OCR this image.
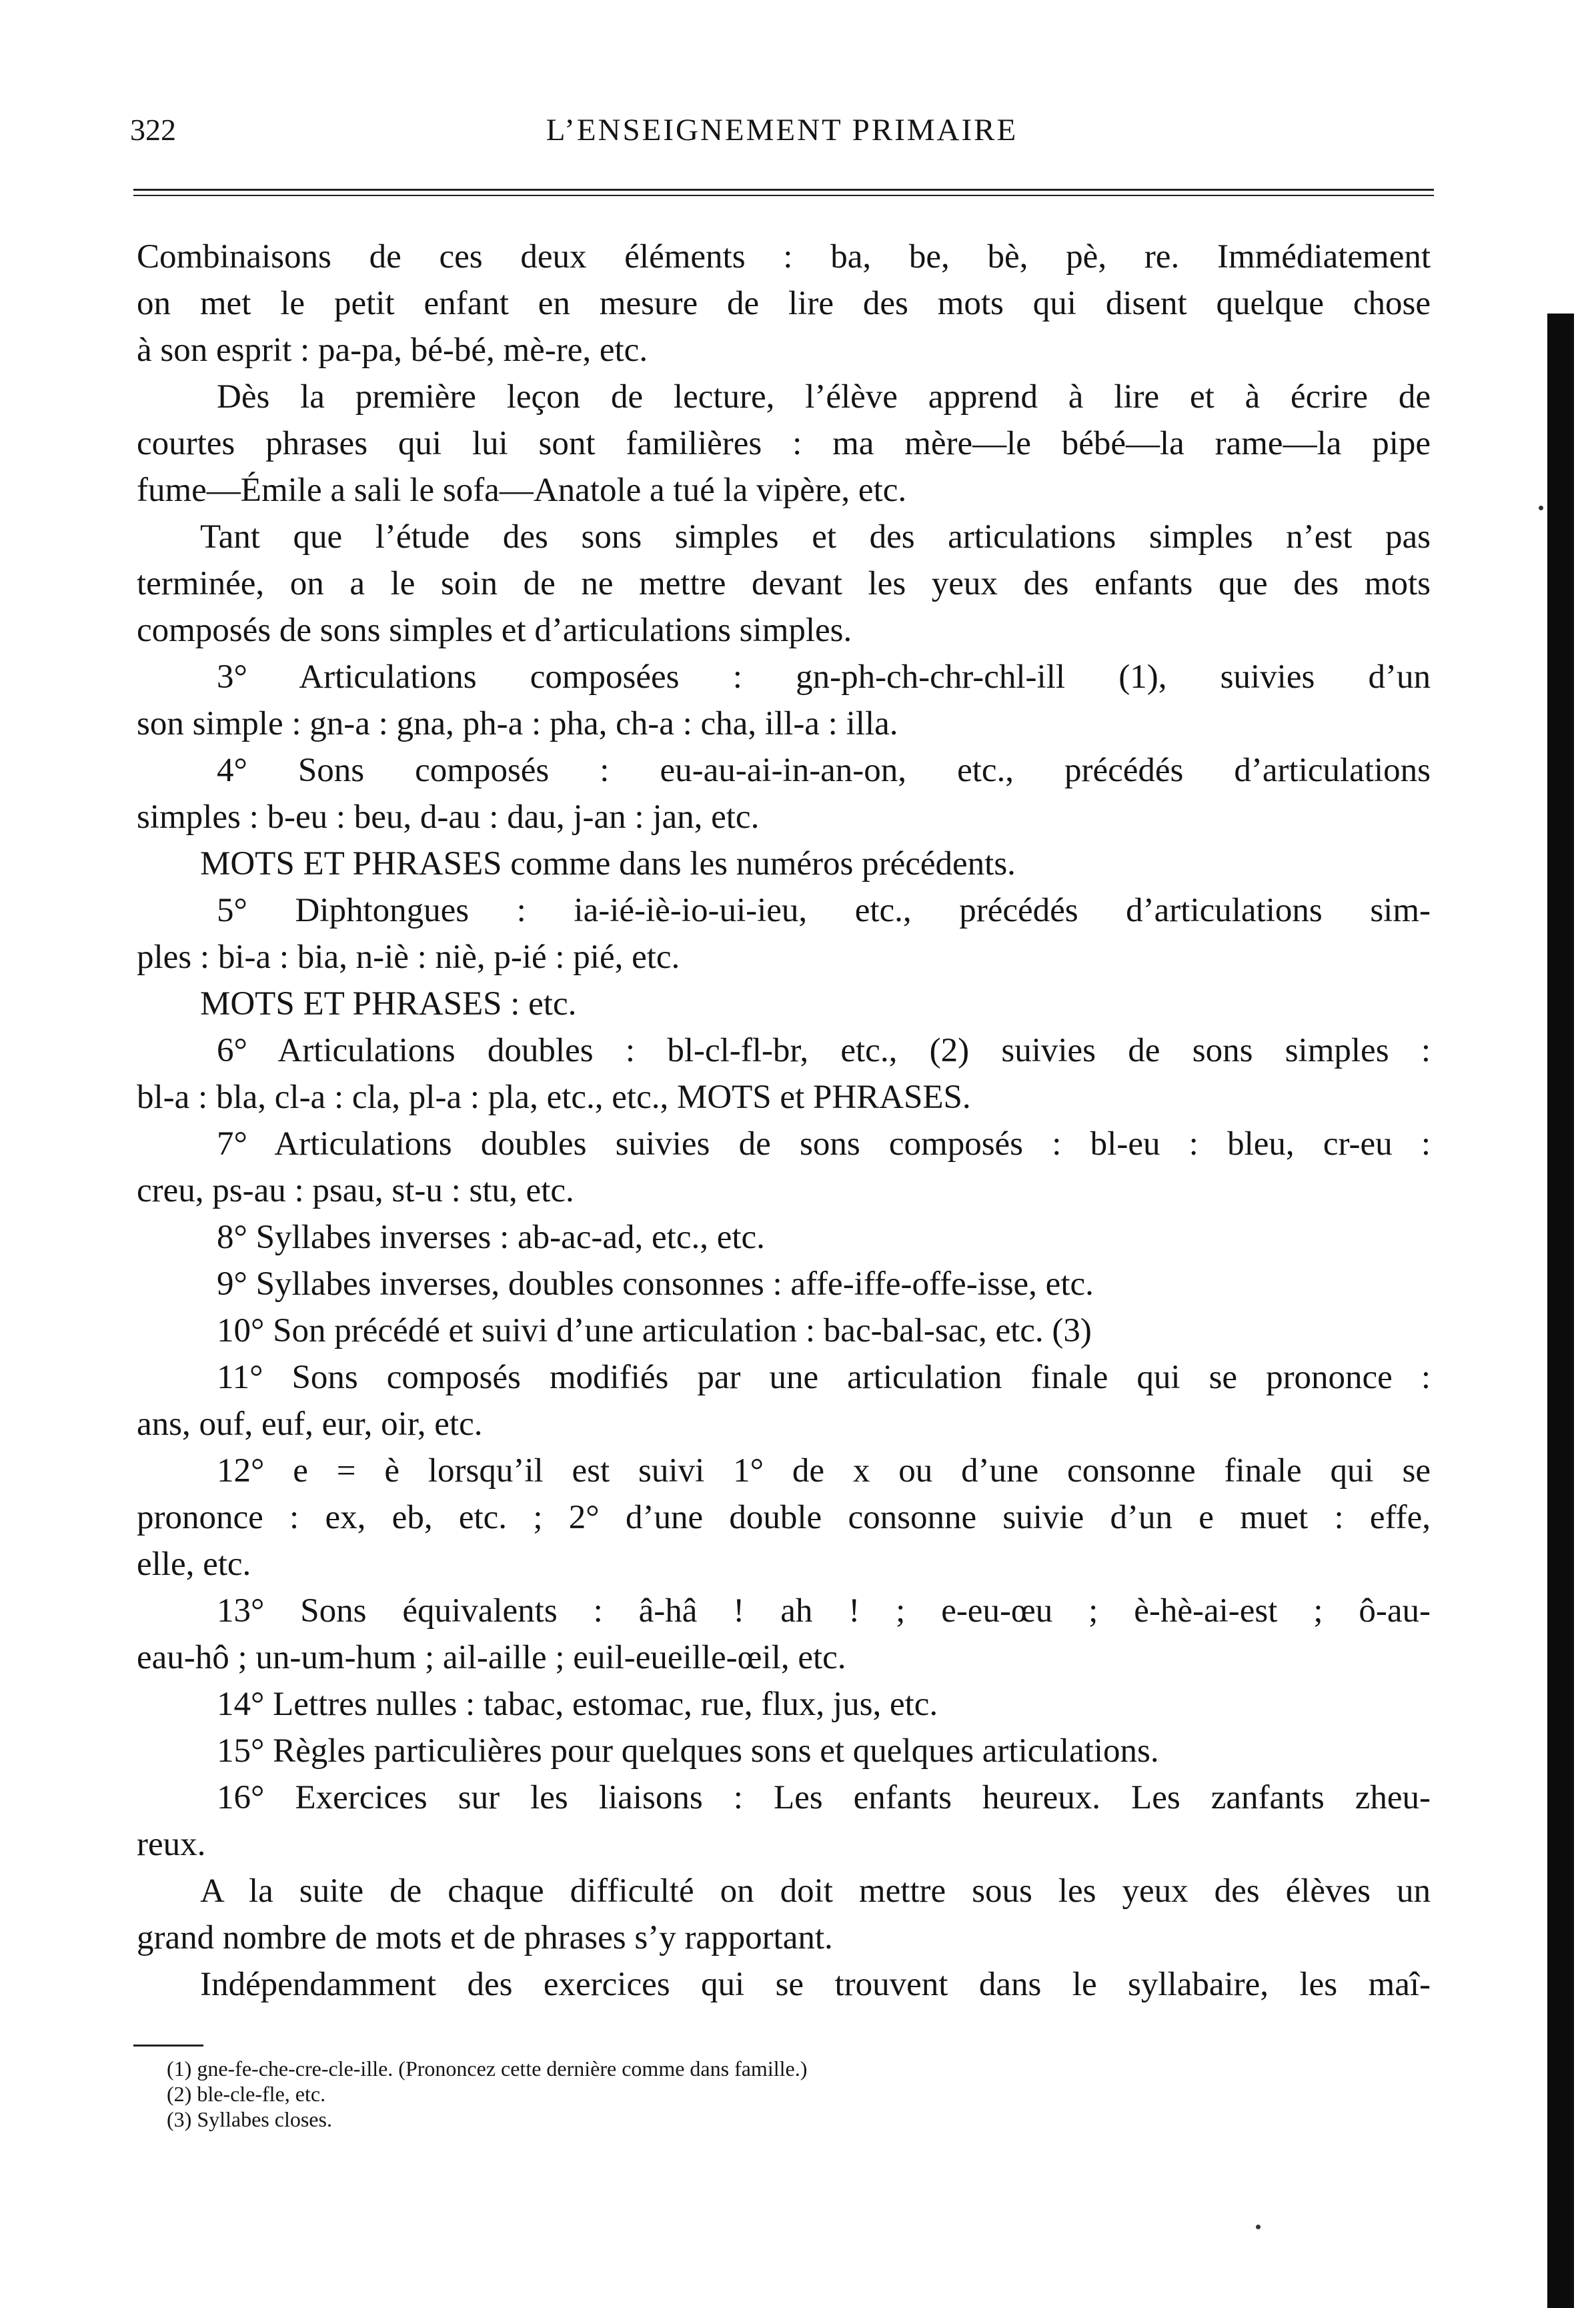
322	L’ENSEIGNEMENT PRIMAIRE
Combinaisons de ces deux éléments : ba, be, bè, pè, re. Immédiatement
on met le petit enfant en mesure de lire des mots qui disent quelque chose
à son esprit : pa-pa, bé-bé, mè-re, etc.
Dès la première leçon de lecture, l’élève apprend à lire et à écrire de
courtes phrases qui lui sont familières : ma mère—le bébé—la rame—la pipe
fume—Émile a sali le sofa—Anatole a tué la vipère, etc.
Tant que l’étude des sons simples et des articulations simples n’est pas
terminée, on a le soin de ne mettre devant les yeux des enfants que des mots
composés de sons simples et d’articulations simples.
3° Articulations composées : gn-ph-ch-chr-chl-ill (1), suivies d’un
son simple : gn-a : gna, ph-a : pha, ch-a : cha, ill-a : illa.
4° Sons composés : eu-au-ai-in-an-on, etc., précédés d’articulations
simples : b-eu : beu, d-au : dau, j-an : jan, etc.
MOTS ET PHRASES comme dans les numéros précédents.
5° Diphtongues : ia-ié-iè-io-ui-ieu, etc., précédés d’articulations sim-
ples : bi-a : bia, n-iè : niè, p-ié : pié, etc.
MOTS ET PHRASES : etc.
6° Articulations doubles : bl-cl-fl-br, etc., (2) suivies de sons simples :
bl-a : bla, cl-a : cla, pl-a : pla, etc., etc., MOTS et PHRASES.
7° Articulations doubles suivies de sons composés : bl-eu : bleu, cr-eu :
creu, ps-au : psau, st-u : stu, etc.
8° Syllabes inverses : ab-ac-ad, etc., etc.
9° Syllabes inverses, doubles consonnes : affe-iffe-offe-isse, etc.
10° Son précédé et suivi d’une articulation : bac-bal-sac, etc. (3)
11° Sons composés modifiés par une articulation finale qui se prononce :
ans, ouf, euf, eur, oir, etc.
12° e = è lorsqu’il est suivi 1° de x ou d’une consonne finale qui se
prononce : ex, eb, etc. ; 2° d’une double consonne suivie d’un e muet : effe,
elle, etc.
13° Sons équivalents : â-hâ ! ah ! ; e-eu-œu ; è-hè-ai-est ; ô-au-
eau-hô ; un-um-hum ; ail-aille ; euil-eueille-œil, etc.
14° Lettres nulles : tabac, estomac, rue, flux, jus, etc.
15° Règles particulières pour quelques sons et quelques articulations.
16° Exercices sur les liaisons : Les enfants heureux. Les zanfants zheu-
reux.
A la suite de chaque difficulté on doit mettre sous les yeux des élèves un
grand nombre de mots et de phrases s’y rapportant.
Indépendamment des exercices qui se trouvent dans le syllabaire, les maî-
(1) gne-fe-che-cre-cle-ille. (Prononcez cette dernière comme dans famille.)
(2) ble-cle-fle, etc.
(3) Syllabes closes.
